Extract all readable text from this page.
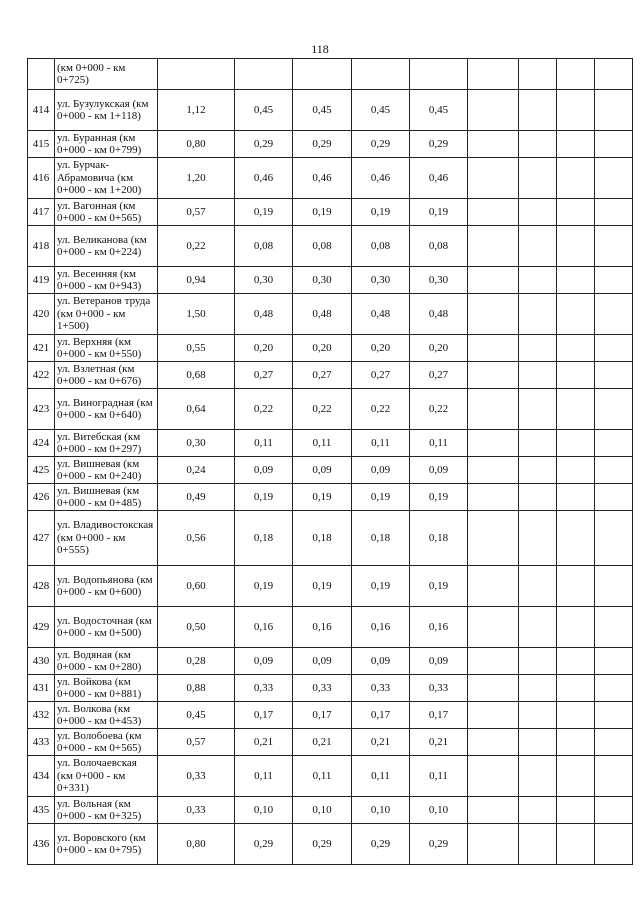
118
	(км 0+000 - км 0+725)									
414	ул. Бузулукская (км 0+000 - км 1+118)	1,12	0,45	0,45	0,45	0,45				
415	ул. Буранная (км 0+000 - км 0+799)	0,80	0,29	0,29	0,29	0,29				
416	ул. Бурчак-Абрамовича (км 0+000 - км 1+200)	1,20	0,46	0,46	0,46	0,46				
417	ул. Вагонная (км 0+000 - км 0+565)	0,57	0,19	0,19	0,19	0,19				
418	ул. Великанова (км 0+000 - км 0+224)	0,22	0,08	0,08	0,08	0,08				
419	ул. Весенняя (км 0+000 - км 0+943)	0,94	0,30	0,30	0,30	0,30				
420	ул. Ветеранов труда (км 0+000 - км 1+500)	1,50	0,48	0,48	0,48	0,48				
421	ул. Верхняя (км 0+000 - км 0+550)	0,55	0,20	0,20	0,20	0,20				
422	ул. Взлетная (км 0+000 - км 0+676)	0,68	0,27	0,27	0,27	0,27				
423	ул. Виноградная (км 0+000 - км 0+640)	0,64	0,22	0,22	0,22	0,22				
424	ул. Витебская (км 0+000 - км 0+297)	0,30	0,11	0,11	0,11	0,11				
425	ул. Вишневая (км 0+000 - км 0+240)	0,24	0,09	0,09	0,09	0,09				
426	ул. Вишневая (км 0+000 - км 0+485)	0,49	0,19	0,19	0,19	0,19				
427	ул. Владивостокская (км 0+000 - км 0+555)	0,56	0,18	0,18	0,18	0,18				
428	ул. Водопьянова (км 0+000 - км 0+600)	0,60	0,19	0,19	0,19	0,19				
429	ул. Водосточная (км 0+000 - км 0+500)	0,50	0,16	0,16	0,16	0,16				
430	ул. Водяная (км 0+000 - км 0+280)	0,28	0,09	0,09	0,09	0,09				
431	ул. Войкова (км 0+000 - км 0+881)	0,88	0,33	0,33	0,33	0,33				
432	ул. Волкова (км 0+000 - км 0+453)	0,45	0,17	0,17	0,17	0,17				
433	ул. Волобоева (км 0+000 - км 0+565)	0,57	0,21	0,21	0,21	0,21				
434	ул. Волочаевская (км 0+000 - км 0+331)	0,33	0,11	0,11	0,11	0,11				
435	ул. Вольная (км 0+000 - км 0+325)	0,33	0,10	0,10	0,10	0,10				
436	ул. Воровского (км 0+000 - км 0+795)	0,80	0,29	0,29	0,29	0,29				
